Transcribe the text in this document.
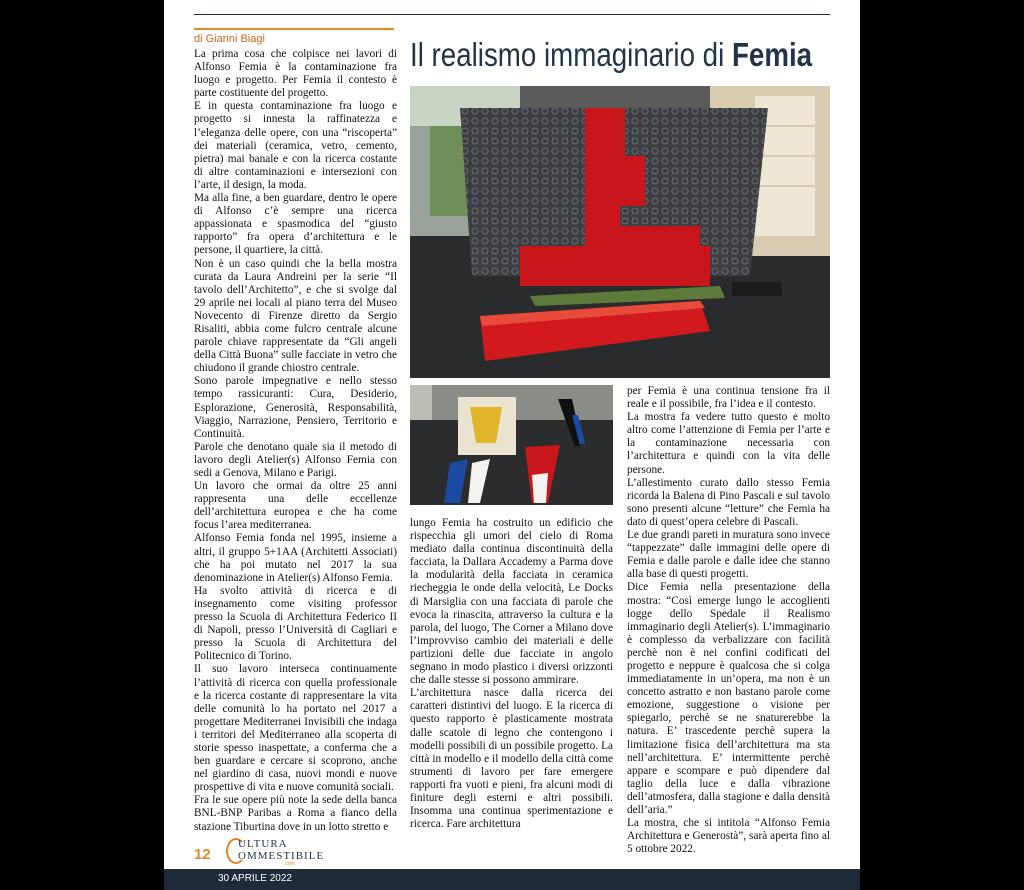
di Gianni Biagi	Il realismo immaginario di Femia

La prima cosa che colpisce nei lavori di Alfonso Femia è la contaminazione fra luogo e progetto. Per Femia il contesto è parte costituente del progetto.

E in questa contaminazione fra luogo e progetto si innesta la raffinatezza e l’eleganza delle opere, con una “riscoperta” dei materiali (ceramica, vetro, cemento, pietra) mai banale e con la ricerca costante di altre contaminazioni e intersezioni con l’arte, il design, la moda.

Ma alla fine, a ben guardare, dentro le opere di Alfonso c’è sempre una ricerca appassionata e spasmodica del “giusto rapporto” fra opera d’architettura e le persone, il quartiere, la città.

Non è un caso quindi che la bella mostra curata da Laura Andreini per la serie “Il tavolo dell’Architetto”, e che si svolge dal 29 aprile nei locali al piano terra del Museo Novecento di Firenze diretto da Sergio Risaliti, abbia come fulcro centrale alcune parole chiave rappresentate da “Gli angeli della Città Buona” sulle facciate in vetro che chiudono il grande chiostro centrale.

Sono parole impegnative e nello stesso tempo rassicuranti: Cura, Desiderio, Esplorazione, Generosità, Responsabilità, Viaggio, Narrazione, Pensiero, Territorio e Continuità.

Parole che denotano quale sia il metodo di lavoro degli Atelier(s) Alfonso Femia con sedi a Genova, Milano e Parigi.

Un lavoro che ormai da oltre 25 anni rappresenta una delle eccellenze dell’architettura europea e che ha come focus l’area mediterranea.

Alfonso Femia fonda nel 1995, insieme a altri, il gruppo 5+1AA (Architetti Associati) che ha poi mutato nel 2017 la sua denominazione in Atelier(s) Alfonso Femia.

Ha svolto attività di ricerca e di insegnamento come visiting professor presso la Scuola di Architettura Federico II di Napoli, presso l’Università di Cagliari e presso la Scuola di Architettura del Politecnico di Torino.

Il suo lavoro interseca continuamente l’attività di ricerca con quella professionale e la ricerca costante di rappresentare la vita delle comunità lo ha portato nel 2017 a progettare Mediterranei Invisibili che indaga i territori del Mediterraneo alla scoperta di storie spesso inaspettate, a conferma che a ben guardare e cercare si scoprono, anche nel giardino di casa, nuovi mondi e nuove prospettive di vita e nuove comunità sociali.

Fra le sue opere più note la sede della banca BNL-BNP Paribas a Roma a fianco della stazione Tiburtina dove in un lotto stretto e

lungo Femia ha costruito un edificio che rispecchia gli umori del cielo di Roma mediato dalla continua discontinuità della facciata, la Dallara Accademy a Parma dove la modularità della facciata in ceramica riecheggia le onde della velocità, Le Docks di Marsiglia con una facciata di parole che evoca la rinascita, attraverso la cultura e la parola, del luogo, The Corner a Milano dove l’improvviso cambio dei materiali e delle partizioni delle due facciate in angolo segnano in modo plastico i diversi orizzonti che dalle stesse si possono ammirare.

L’architettura nasce dalla ricerca dei caratteri distintivi del luogo. E la ricerca di questo rapporto è plasticamente mostrata dalle scatole di legno che contengono i modelli possibili di un possibile progetto. La città in modello e il modello della città come strumenti di lavoro per fare emergere rapporti fra vuoti e pieni, fra alcuni modi di finiture degli esterni e altri possibili. Insomma una continua sperimentazione e ricerca. Fare architettura

per Femia è una continua tensione fra il reale e il possibile, fra l’idea e il contesto.

La mostra fa vedere tutto questo e molto altro come l’attenzione di Femia per l’arte e la contaminazione necessaria con l’architettura e quindi con la vita delle persone.

L’allestimento curato dallo stesso Femia ricorda la Balena di Pino Pascali e sul tavolo sono presenti alcune “letture” che Femia ha dato di quest’opera celebre di Pascali.

Le due grandi pareti in muratura sono invece “tappezzate” dalle immagini delle opere di Femia e dalle parole e dalle idee che stanno alla base di questi progetti.

Dice Femia nella presentazione della mostra: “Così emerge lungo le accoglienti logge dello Spedale il Realismo immaginario degli Atelier(s). L’immaginario è complesso da verbalizzare con facilità perchè non è nei confini codificati del progetto e neppure è qualcosa che si colga immediatamente in un’opera, ma non è un concetto astratto e non bastano parole come emozione, suggestione o visione per spiegarlo, perchè se ne snaturerebbe la natura. E’ trascedente perchè supera la limitazione fisica dell’architettura ma sta nell’architettura. E’ intermittente perchè appare e scompare e può dipendere dal taglio della luce e dalla vibrazione dell’atmosfera, dalla stagione e dalla densità dell’aria.”

La mostra, che si intitola “Alfonso Femia Architettura e Generostà”, sarà aperta fino al 5 ottobre 2022.

12
ULTURA
OMMESTIBILE
.com
30 APRILE 2022
